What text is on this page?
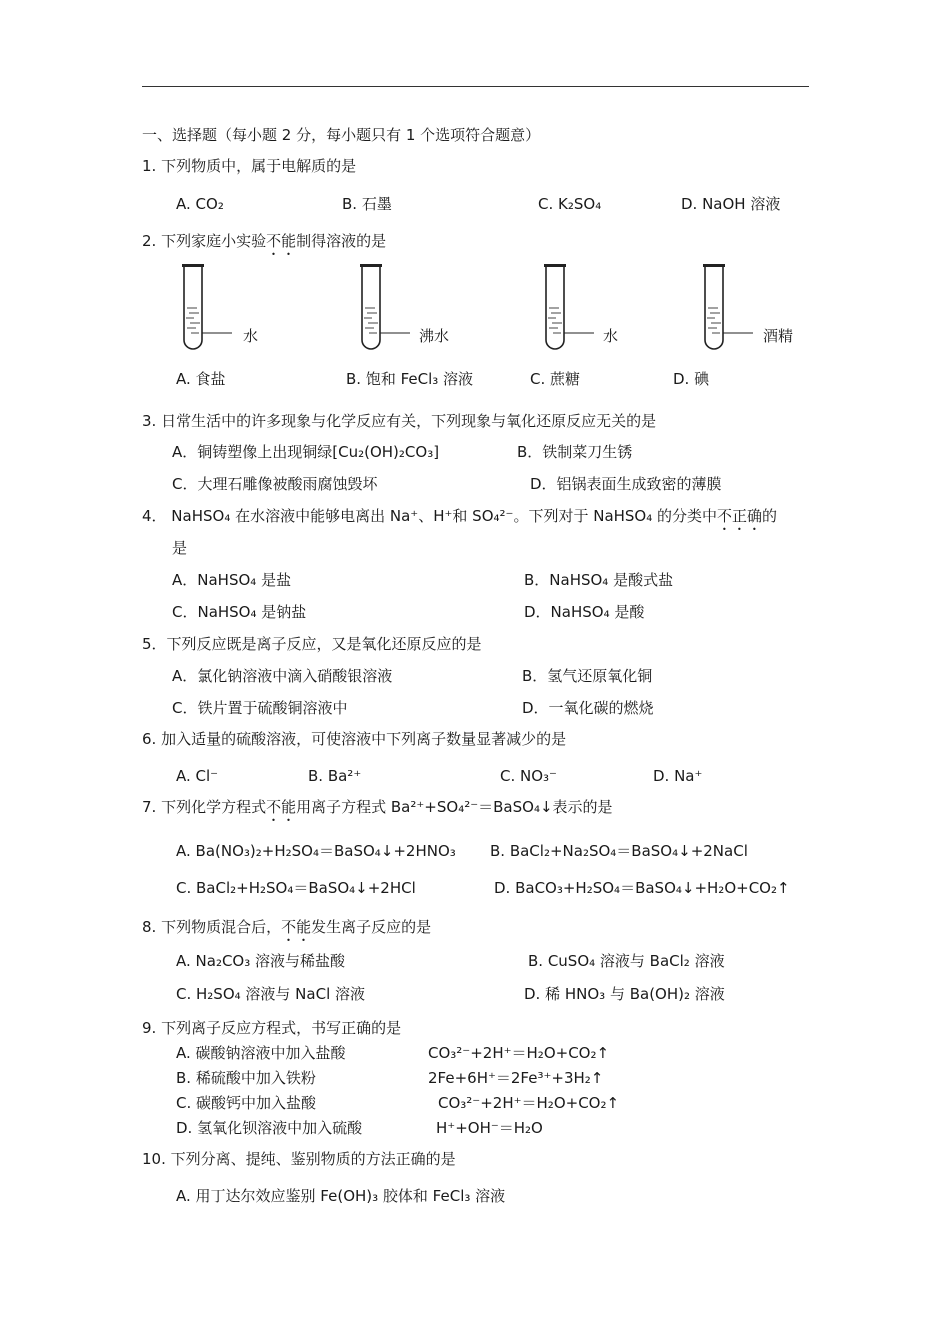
一、选择题（每小题 2 分，每小题只有 1 个选项符合题意）
1. 下列物质中，属于电解质的是
A. CO₂	B. 石墨	C. K₂SO₄	D. NaOH 溶液
2. 下列家庭小实验不能制得溶液的是
水	沸水	水	酒精
A. 食盐	B. 饱和 FeCl₃ 溶液	C. 蔗糖	D. 碘
3. 日常生活中的许多现象与化学反应有关，下列现象与氧化还原反应无关的是
A．铜铸塑像上出现铜绿[Cu₂(OH)₂CO₃]	B．铁制菜刀生锈
C．大理石雕像被酸雨腐蚀毁坏	D．铝锅表面生成致密的薄膜
4． NaHSO₄ 在水溶液中能够电离出 Na⁺、H⁺和 SO₄²⁻。下列对于 NaHSO₄ 的分类中不正确的
是
A．NaHSO₄ 是盐	B．NaHSO₄ 是酸式盐
C．NaHSO₄ 是钠盐	D．NaHSO₄ 是酸
5．下列反应既是离子反应，又是氧化还原反应的是
A．氯化钠溶液中滴入硝酸银溶液	B．氢气还原氧化铜
C．铁片置于硫酸铜溶液中	D．一氧化碳的燃烧
6. 加入适量的硫酸溶液，可使溶液中下列离子数量显著减少的是
A. Cl⁻	B. Ba²⁺	C. NO₃⁻	D. Na⁺
7. 下列化学方程式不能用离子方程式 Ba²⁺+SO₄²⁻＝BaSO₄↓表示的是
A. Ba(NO₃)₂+H₂SO₄＝BaSO₄↓+2HNO₃ B. BaCl₂+Na₂SO₄＝BaSO₄↓+2NaCl
C. BaCl₂+H₂SO₄＝BaSO₄↓+2HCl	D. BaCO₃+H₂SO₄＝BaSO₄↓+H₂O+CO₂↑
8. 下列物质混合后，不能发生离子反应的是
A. Na₂CO₃ 溶液与稀盐酸	B. CuSO₄ 溶液与 BaCl₂ 溶液
C. H₂SO₄ 溶液与 NaCl 溶液	D. 稀 HNO₃ 与 Ba(OH)₂ 溶液
9. 下列离子反应方程式，书写正确的是
A. 碳酸钠溶液中加入盐酸	CO₃²⁻+2H⁺＝H₂O+CO₂↑
B. 稀硫酸中加入铁粉	2Fe+6H⁺＝2Fe³⁺+3H₂↑
C. 碳酸钙中加入盐酸	CO₃²⁻+2H⁺＝H₂O+CO₂↑
D. 氢氧化钡溶液中加入硫酸	H⁺+OH⁻＝H₂O
10. 下列分离、提纯、鉴别物质的方法正确的是
A. 用丁达尔效应鉴别 Fe(OH)₃ 胶体和 FeCl₃ 溶液
